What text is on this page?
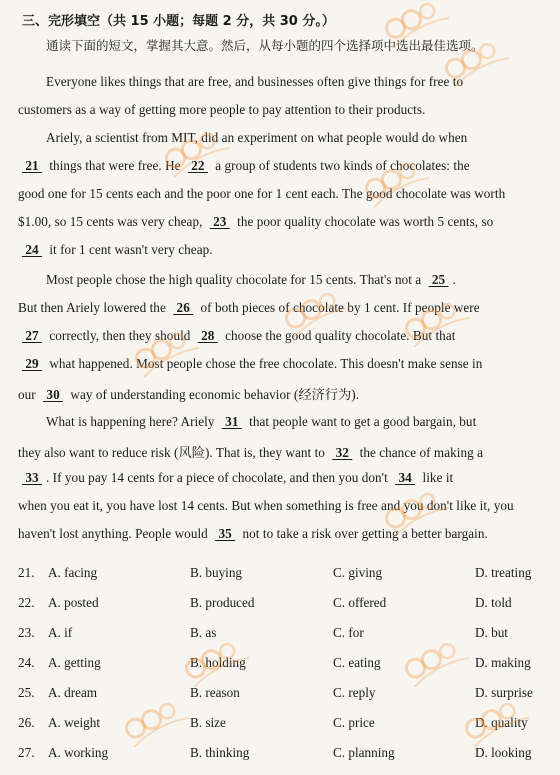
三、完形填空（共 15 小题；每题 2 分，共 30 分。）
通读下面的短文，掌握其大意。然后，从每小题的四个选择项中选出最佳选项。
Everyone likes things that are free, and businesses often give things for free to
customers as a way of getting more people to pay attention to their products.
Ariely, a scientist from MIT, did an experiment on what people would do when
21  things that were free. He  22  a group of students two kinds of chocolates: the
good one for 15 cents each and the poor one for 1 cent each. The good chocolate was worth
$1.00, so 15 cents was very cheap,  23  the poor quality chocolate was worth 5 cents, so
24  it for 1 cent wasn't very cheap.
Most people chose the high quality chocolate for 15 cents. That's not a  25 .
But then Ariely lowered the  26  of both pieces of chocolate by 1 cent. If people were
27  correctly, then they should  28  choose the good quality chocolate. But that
29  what happened. Most people chose the free chocolate. This doesn't make sense in
our  30  way of understanding economic behavior (经济行为).
What is happening here? Ariely  31  that people want to get a good bargain, but
they also want to reduce risk (风险). That is, they want to  32  the chance of making a
33 . If you pay 14 cents for a piece of chocolate, and then you don't  34  like it
when you eat it, you have lost 14 cents. But when something is free and you don't like it, you
haven't lost anything. People would  35  not to take a risk over getting a better bargain.
21. A. facing	B. buying	C. giving	D. treating
22. A. posted	B. produced	C. offered	D. told
23. A. if	B. as	C. for	D. but
24. A. getting	B. holding	C. eating	D. making
25. A. dream	B. reason	C. reply	D. surprise
26. A. weight	B. size	C. price	D. quality
27. A. working	B. thinking	C. planning	D. looking
